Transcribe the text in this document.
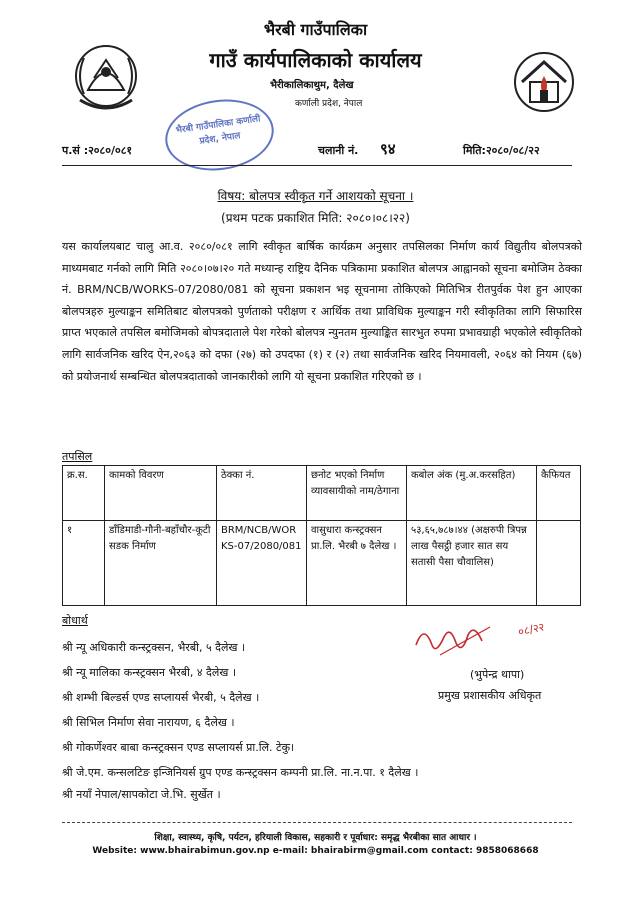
भैरबी गाउँपालिका
गाउँ कार्यपालिकाको कार्यालय
भैरीकालिकाथुम, दैलेख
कर्णाली प्रदेश, नेपाल
भैरबी गाउँपालिका कर्णाली प्रदेश, नेपाल
प.सं :२०८०/०८१	चलानी नं. ९४	मिति:२०८०/०८/२२
विषय: बोलपत्र स्वीकृत गर्ने आशयको सूचना ।
(प्रथम पटक प्रकाशित मिति: २०८०।०८।२२)
यस कार्यालयबाट चालु आ.व. २०८०/०८१ लागि स्वीकृत बार्षिक कार्यक्रम अनुसार तपसिलका निर्माण कार्य विद्युतीय बोलपत्रको माध्यमबाट गर्नको लागि मिति २०८०।०७।२० गते मध्यान्ह राष्ट्रिय दैनिक पत्रिकामा प्रकाशित बोलपत्र आह्वानको सूचना बमोजिम ठेक्का नं. BRM/NCB/WORKS-07/2080/081 को सूचना प्रकाशन भइ सूचनामा तोकिएको मितिभित्र रीतपुर्वक पेश हुन आएका बोलपत्रहरु मुल्याङ्कन समितिबाट बोलपत्रको पुर्णताको परीक्षण र आर्थिक तथा प्राविधिक मुल्याङ्कन गरी स्वीकृतिका लागि सिफारिस प्राप्त भएकाले तपसिल बमोजिमको बोपत्रदाताले पेश गरेको बोलपत्र न्युनतम मुल्याङ्कित सारभुत रुपमा प्रभावग्राही भएकोले स्वीकृतिको लागि सार्वजनिक खरिद ऐन,२०६३ को दफा (२७) को उपदफा (१) र (२) तथा सार्वजनिक खरिद नियमावली, २०६४ को नियम (६७) को प्रयोजनार्थ सम्बन्धित बोलपत्रदाताको जानकारीको लागि यो सूचना प्रकाशित गरिएको छ ।
तपसिल
क्र.स.	कामको विवरण	ठेक्का नं.	छनोट भएको निर्माण व्यावसायीको नाम/ठेगाना	कबोल अंक (मु.अ.करसहित)	कैफियत
१	डाँडिमाडी-गौनी-बहाँचौर-कूटी सडक निर्माण	BRM/NCB/WORKS-07/2080/081	वासुधारा कन्स्ट्रक्सन प्रा.लि. भैरबी ७ दैलेख ।	५३,६५,७८७।४४ (अक्षरुपी त्रिपन्न लाख पैसट्ठी हजार सात सय सतासी पैसा चौवालिस)	
बोधार्थ
श्री न्यू अधिकारी कन्स्ट्रक्सन, भैरबी, ५ दैलेख ।
श्री न्यू मालिका कन्स्ट्रक्सन भैरबी, ४ दैलेख ।
श्री शम्भी बिल्डर्स एण्ड सप्लायर्स भैरबी, ५ दैलेख ।
श्री सिभिल निर्माण सेवा नारायण, ६ दैलेख ।
श्री गोकर्णेश्वर बाबा कन्स्ट्रक्सन एण्ड सप्लायर्स प्रा.लि. टेकु।
श्री जे.एम. कन्सलटिङ इन्जिनियर्स ग्रुप एण्ड कन्स्ट्रक्सन कम्पनी प्रा.लि. ना.न.पा. १ दैलेख ।
श्री नयाँ नेपाल/सापकोटा जे.भि. सुर्खेत ।
०८/२२
(भुपेन्द्र थापा)
प्रमुख प्रशासकीय अधिकृत
शिक्षा, स्वास्थ्य, कृषि, पर्यटन, हरियाली विकास, सहकारी र पूर्वाधार: समृद्ध भैरबीका सात आधार ।
Website: www.bhairabimun.gov.np e-mail: bhairabirm@gmail.com contact: 9858068668
